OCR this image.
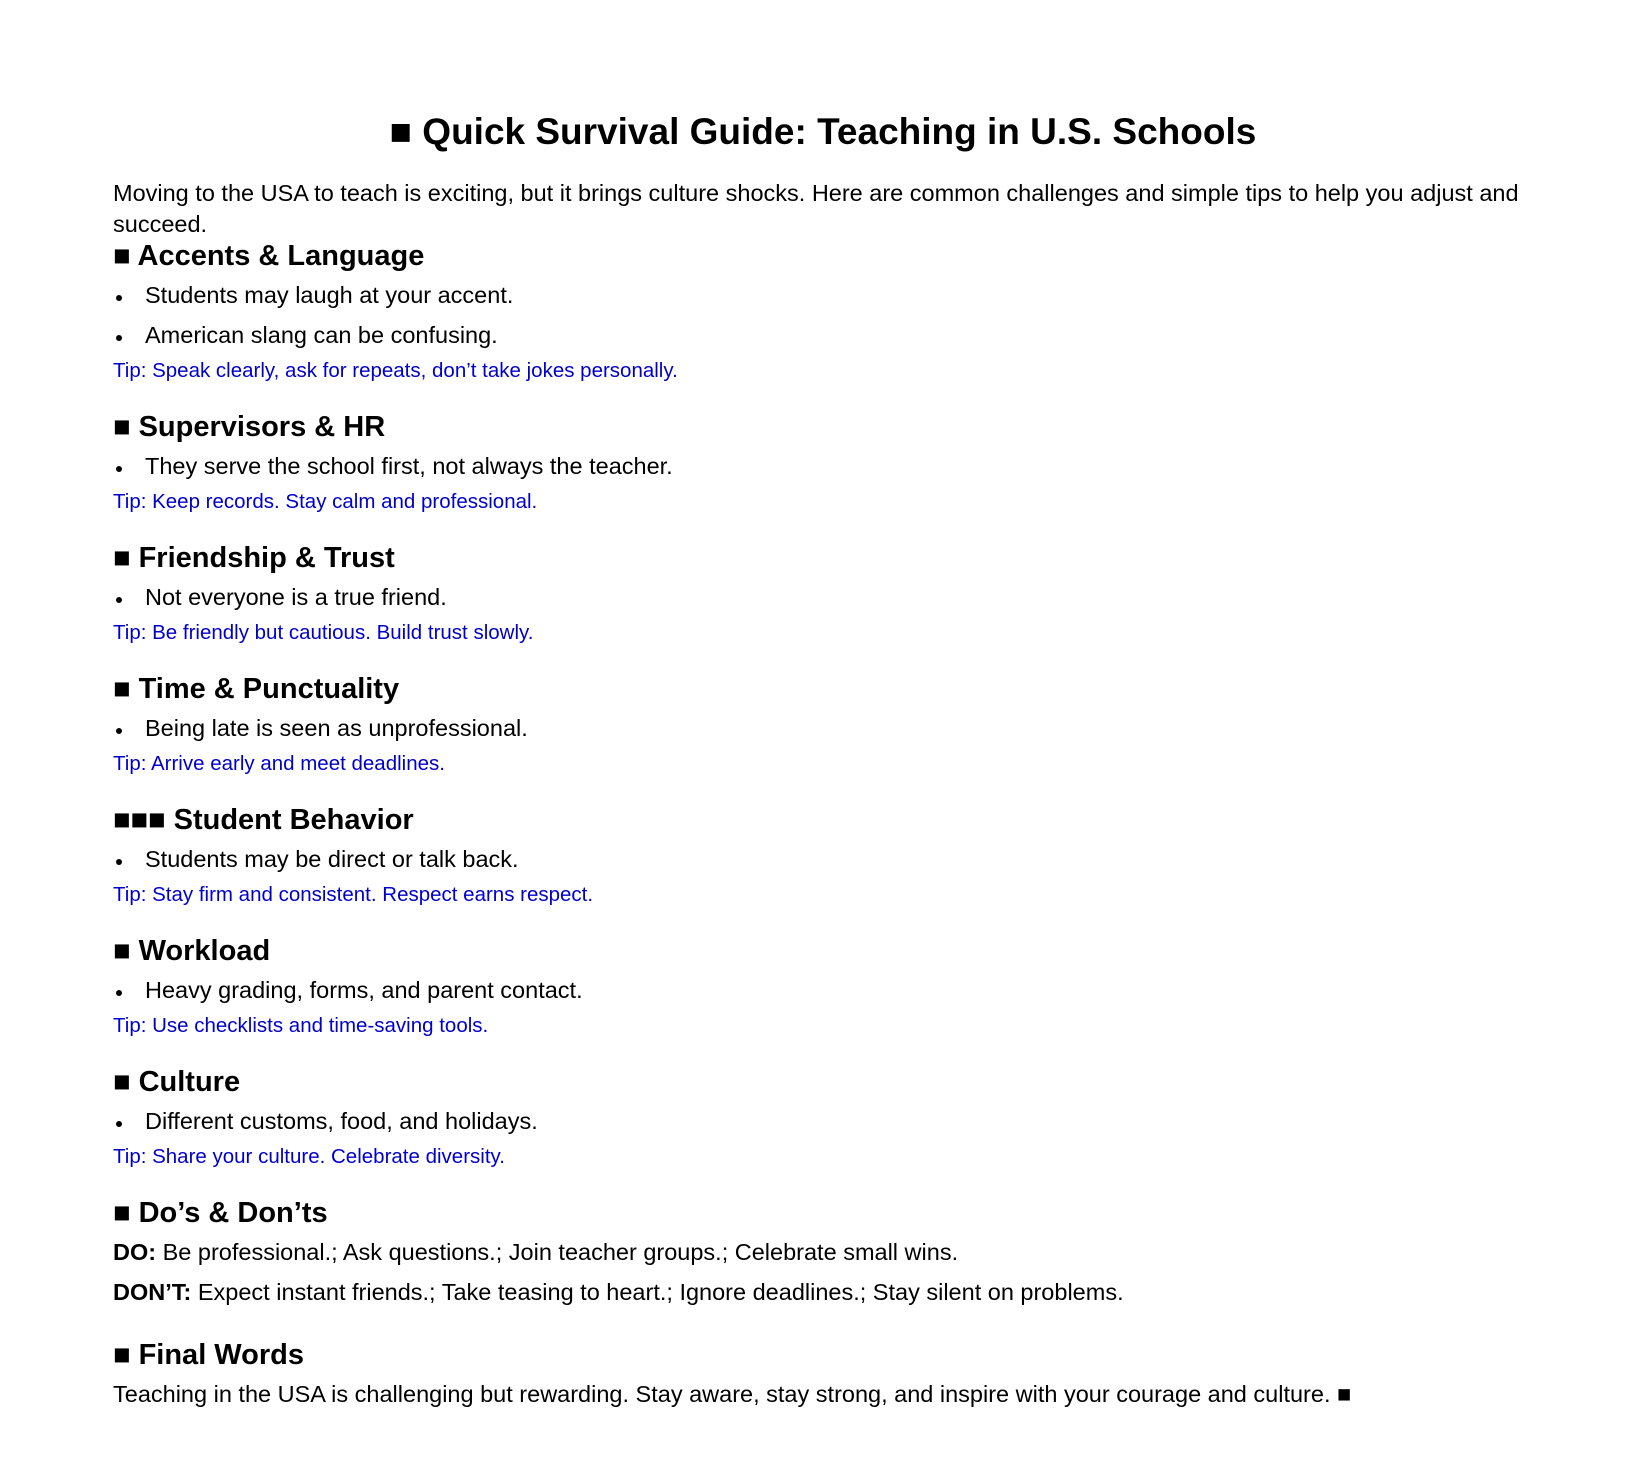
■ Quick Survival Guide: Teaching in U.S. Schools

Moving to the USA to teach is exciting, but it brings culture shocks. Here are common challenges and simple tips to help you adjust and succeed.

■ Accents & Language

Students may laugh at your accent.

American slang can be confusing.

Tip: Speak clearly, ask for repeats, don’t take jokes personally.

■ Supervisors & HR

They serve the school first, not always the teacher.

Tip: Keep records. Stay calm and professional.

■ Friendship & Trust

Not everyone is a true friend.

Tip: Be friendly but cautious. Build trust slowly.

■ Time & Punctuality

Being late is seen as unprofessional.

Tip: Arrive early and meet deadlines.

■■■ Student Behavior

Students may be direct or talk back.

Tip: Stay firm and consistent. Respect earns respect.

■ Workload

Heavy grading, forms, and parent contact.

Tip: Use checklists and time-saving tools.

■ Culture

Different customs, food, and holidays.

Tip: Share your culture. Celebrate diversity.

■ Do’s & Don’ts

DO: Be professional.; Ask questions.; Join teacher groups.; Celebrate small wins.

DON’T: Expect instant friends.; Take teasing to heart.; Ignore deadlines.; Stay silent on problems.

■ Final Words

Teaching in the USA is challenging but rewarding. Stay aware, stay strong, and inspire with your courage and culture. ■
